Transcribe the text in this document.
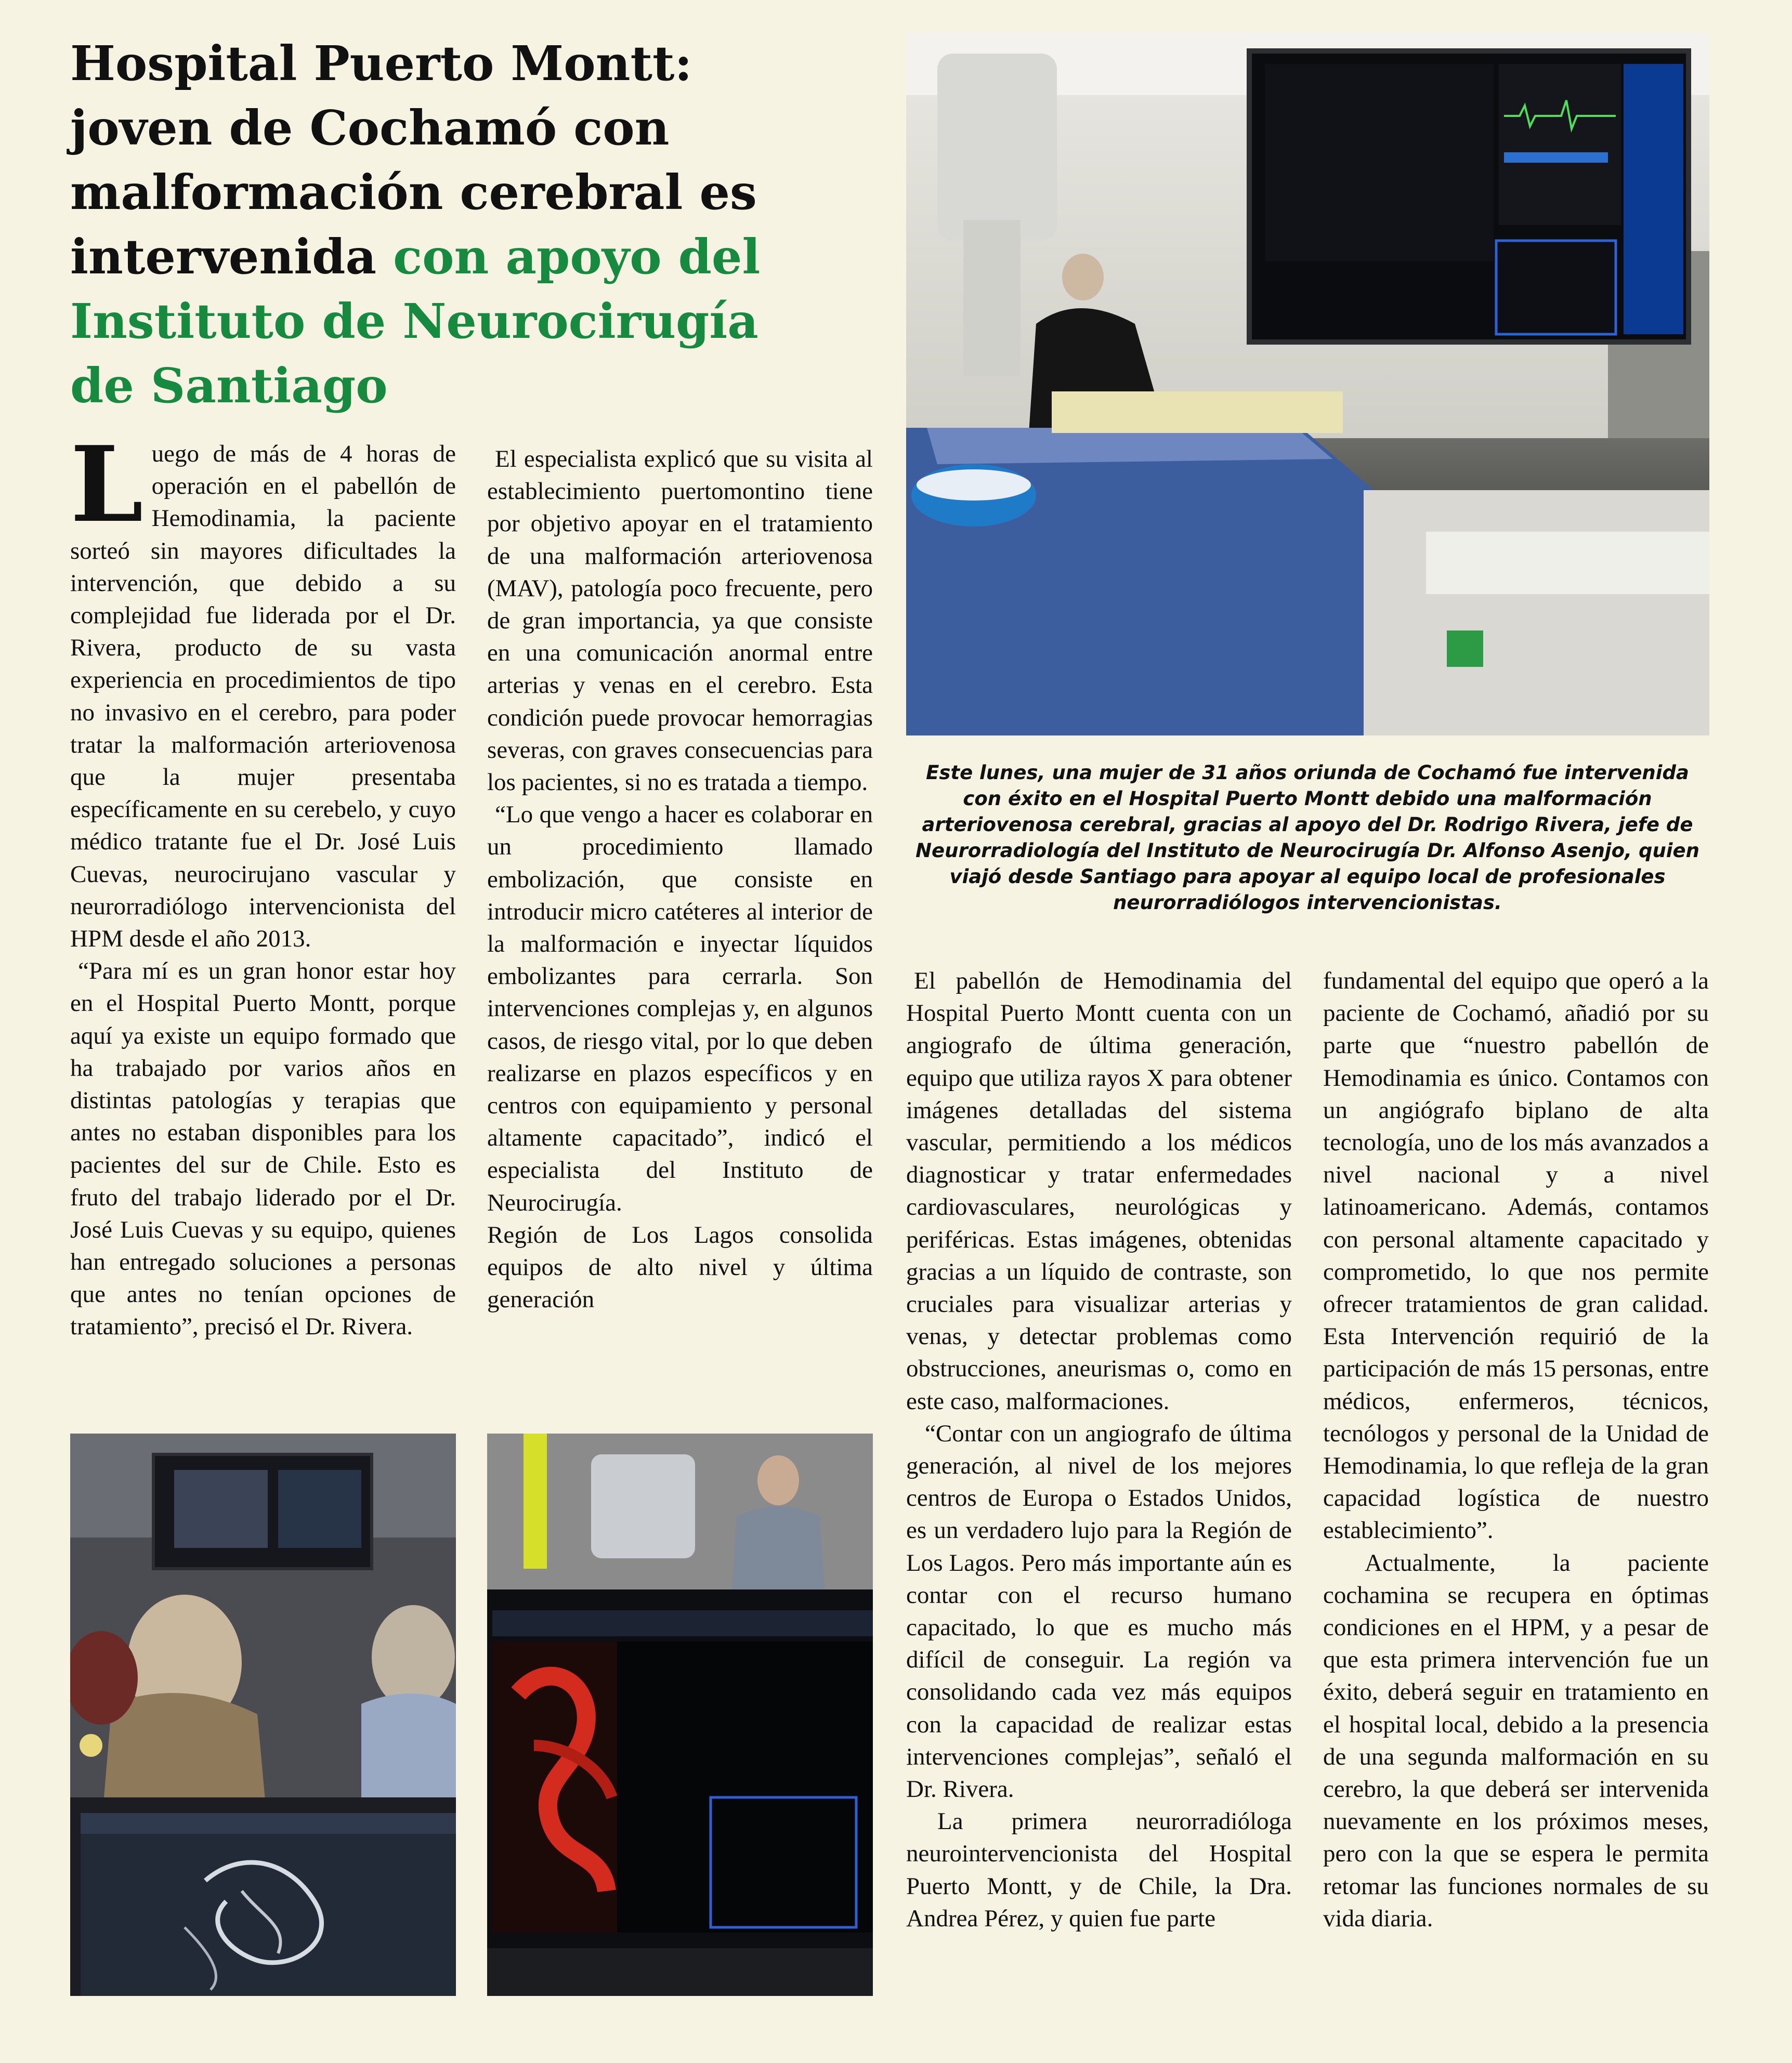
Hospital Puerto Montt: joven de Cochamó con malformación cerebral es intervenida con apoyo del Instituto de Neurocirugía de Santiago

Luego de más de 4 horas de operación en el pabellón de Hemodinamia, la paciente sorteó sin mayores dificultades la intervención, que debido a su complejidad fue liderada por el Dr. Rivera, producto de su vasta experiencia en procedimientos de tipo no invasivo en el cerebro, para poder tratar la malformación arteriovenosa que la mujer presentaba específicamente en su cerebelo, y cuyo médico tratante fue el Dr. José Luis Cuevas, neurocirujano vascular y neurorradiólogo intervencionista del HPM desde el año 2013.

“Para mí es un gran honor estar hoy en el Hospital Puerto Montt, porque aquí ya existe un equipo formado que ha trabajado por varios años en distintas patologías y terapias que antes no estaban disponibles para los pacientes del sur de Chile. Esto es fruto del trabajo liderado por el Dr. José Luis Cuevas y su equipo, quienes han entregado soluciones a personas que antes no tenían opciones de tratamiento”, precisó el Dr. Rivera.

El especialista explicó que su visita al establecimiento puertomontino tiene por objetivo apoyar en el tratamiento de una malformación arteriovenosa (MAV), patología poco frecuente, pero de gran importancia, ya que consiste en una comunicación anormal entre arterias y venas en el cerebro. Esta condición puede provocar hemorragias severas, con graves consecuencias para los pacientes, si no es tratada a tiempo.

“Lo que vengo a hacer es colaborar en un procedimiento llamado embolización, que consiste en introducir micro catéteres al interior de la malformación e inyectar líquidos embolizantes para cerrarla. Son intervenciones complejas y, en algunos casos, de riesgo vital, por lo que deben realizarse en plazos específicos y en centros con equipamiento y personal altamente capacitado”, indicó el especialista del Instituto de Neurocirugía.

Región de Los Lagos consolida equipos de alto nivel y última generación

Este lunes, una mujer de 31 años oriunda de Cochamó fue intervenida con éxito en el Hospital Puerto Montt debido una malformación arteriovenosa cerebral, gracias al apoyo del Dr. Rodrigo Rivera, jefe de Neurorradiología del Instituto de Neurocirugía Dr. Alfonso Asenjo, quien viajó desde Santiago para apoyar al equipo local de profesionales neurorradiólogos intervencionistas.

El pabellón de Hemodinamia del Hospital Puerto Montt cuenta con un angiografo de última generación, equipo que utiliza rayos X para obtener imágenes detalladas del sistema vascular, permitiendo a los médicos diagnosticar y tratar enfermedades cardiovasculares, neurológicas y periféricas. Estas imágenes, obtenidas gracias a un líquido de contraste, son cruciales para visualizar arterias y venas, y detectar problemas como obstrucciones, aneurismas o, como en este caso, malformaciones.

“Contar con un angiografo de última generación, al nivel de los mejores centros de Europa o Estados Unidos, es un verdadero lujo para la Región de Los Lagos. Pero más importante aún es contar con el recurso humano capacitado, lo que es mucho más difícil de conseguir. La región va consolidando cada vez más equipos con la capacidad de realizar estas intervenciones complejas”, señaló el Dr. Rivera.

La primera neurorradióloga neurointervencionista del Hospital Puerto Montt, y de Chile, la Dra. Andrea Pérez, y quien fue parte

fundamental del equipo que operó a la paciente de Cochamó, añadió por su parte que “nuestro pabellón de Hemodinamia es único. Contamos con un angiógrafo biplano de alta tecnología, uno de los más avanzados a nivel nacional y a nivel latinoamericano. Además, contamos con personal altamente capacitado y comprometido, lo que nos permite ofrecer tratamientos de gran calidad. Esta Intervención requirió de la participación de más 15 personas, entre médicos, enfermeros, técnicos, tecnólogos y personal de la Unidad de Hemodinamia, lo que refleja de la gran capacidad logística de nuestro establecimiento”.

Actualmente, la paciente cochamina se recupera en óptimas condiciones en el HPM, y a pesar de que esta primera intervención fue un éxito, deberá seguir en tratamiento en el hospital local, debido a la presencia de una segunda malformación en su cerebro, la que deberá ser intervenida nuevamente en los próximos meses, pero con la que se espera le permita retomar las funciones normales de su vida diaria.
